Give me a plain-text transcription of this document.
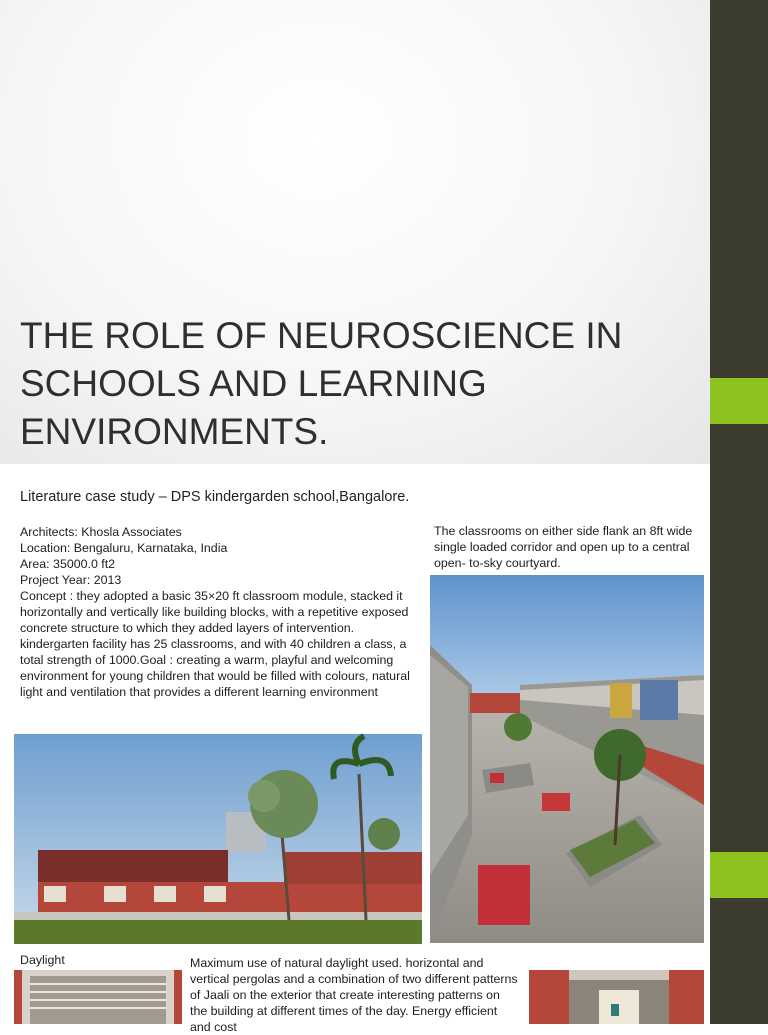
THE ROLE OF NEUROSCIENCE IN
SCHOOLS AND LEARNING
ENVIRONMENTS.
Literature case study – DPS kindergarden school,Bangalore.
Architects: Khosla Associates
Location: Bengaluru, Karnataka, India
Area: 35000.0 ft2
Project Year: 2013
Concept : they adopted a basic 35×20 ft classroom module, stacked it horizontally and vertically like building blocks, with a repetitive exposed concrete structure to which they added layers of intervention. kindergarten facility has 25 classrooms, and with 40 children a class, a total strength of 1000.Goal : creating a warm, playful and welcoming environment for young children that would be filled with colours, natural light and ventilation that provides a different learning environment
The classrooms on either side flank an 8ft wide single loaded corridor and open up to a central open- to-sky courtyard.
Daylight	Maximum use of natural daylight used. horizontal and vertical pergolas and a combination of two different patterns of Jaali on the exterior that create interesting patterns on the building at different times of the day. Energy efficient and cost
